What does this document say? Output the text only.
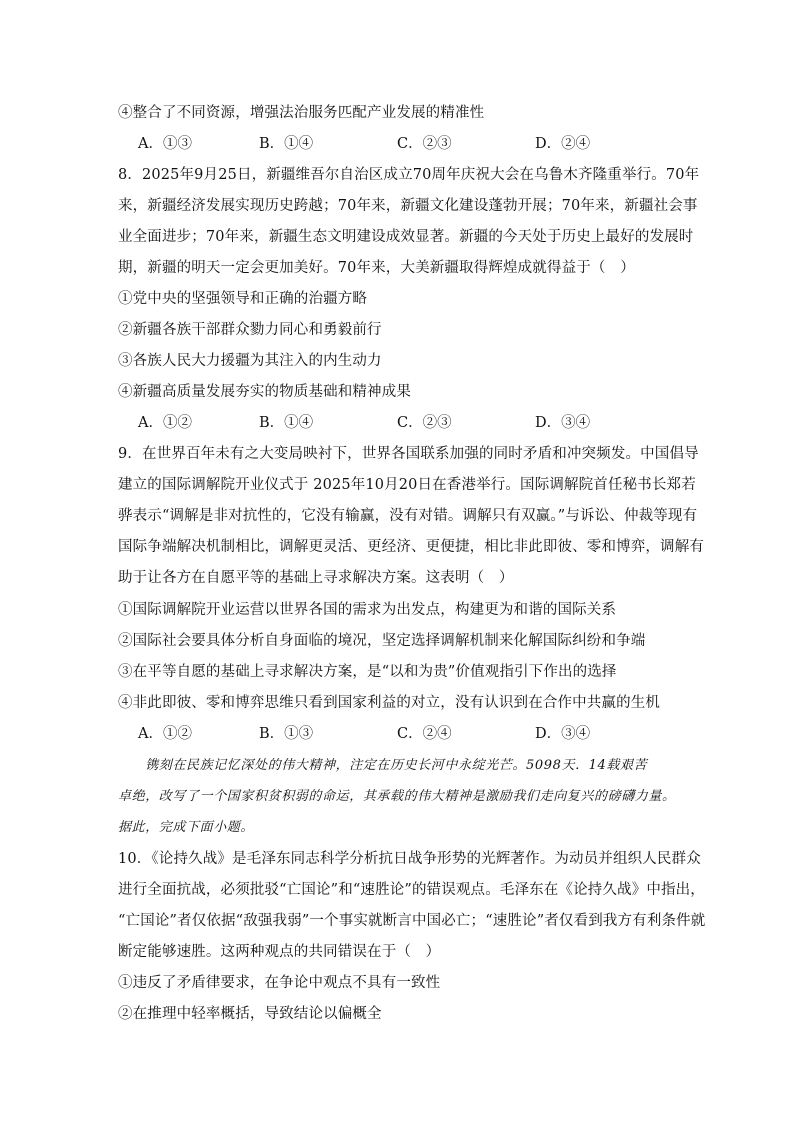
④整合了不同资源，增强法治服务匹配产业发展的精准性
A．①③	B．①④	C．②③	D．②④
8．2025年9月25日，新疆维吾尔自治区成立70周年庆祝大会在乌鲁木齐隆重举行。70年
来，新疆经济发展实现历史跨越；70年来，新疆文化建设蓬勃开展；70年来，新疆社会事
业全面进步；70年来，新疆生态文明建设成效显著。新疆的今天处于历史上最好的发展时
期，新疆的明天一定会更加美好。70年来，大美新疆取得辉煌成就得益于（　）
①党中央的坚强领导和正确的治疆方略
②新疆各族干部群众勠力同心和勇毅前行
③各族人民大力援疆为其注入的内生动力
④新疆高质量发展夯实的物质基础和精神成果
A．①②	B．①④	C．②③	D．③④
9．在世界百年未有之大变局映衬下，世界各国联系加强的同时矛盾和冲突频发。中国倡导
建立的国际调解院开业仪式于 2025年10月20日在香港举行。国际调解院首任秘书长郑若
骅表示“调解是非对抗性的，它没有输赢，没有对错。调解只有双赢。”与诉讼、仲裁等现有
国际争端解决机制相比，调解更灵活、更经济、更便捷，相比非此即彼、零和博弈，调解有
助于让各方在自愿平等的基础上寻求解决方案。这表明（　）
①国际调解院开业运营以世界各国的需求为出发点，构建更为和谐的国际关系
②国际社会要具体分析自身面临的境况，坚定选择调解机制来化解国际纠纷和争端
③在平等自愿的基础上寻求解决方案，是“以和为贵”价值观指引下作出的选择
④非此即彼、零和博弈思维只看到国家利益的对立，没有认识到在合作中共赢的生机
A．①②	B．①③	C．②④	D．③④
　　镌刻在民族记忆深处的伟大精神，注定在历史长河中永绽光芒。5098天．14载艰苦
卓绝，改写了一个国家积贫积弱的命运，其承载的伟大精神是激励我们走向复兴的磅礴力量。
据此，完成下面小题。
10．《论持久战》是毛泽东同志科学分析抗日战争形势的光辉著作。为动员并组织人民群众
进行全面抗战，必须批驳“亡国论”和“速胜论”的错误观点。毛泽东在《论持久战》中指出，
“亡国论”者仅依据“敌强我弱”一个事实就断言中国必亡；“速胜论”者仅看到我方有利条件就
断定能够速胜。这两种观点的共同错误在于（　）
①违反了矛盾律要求，在争论中观点不具有一致性
②在推理中轻率概括，导致结论以偏概全
